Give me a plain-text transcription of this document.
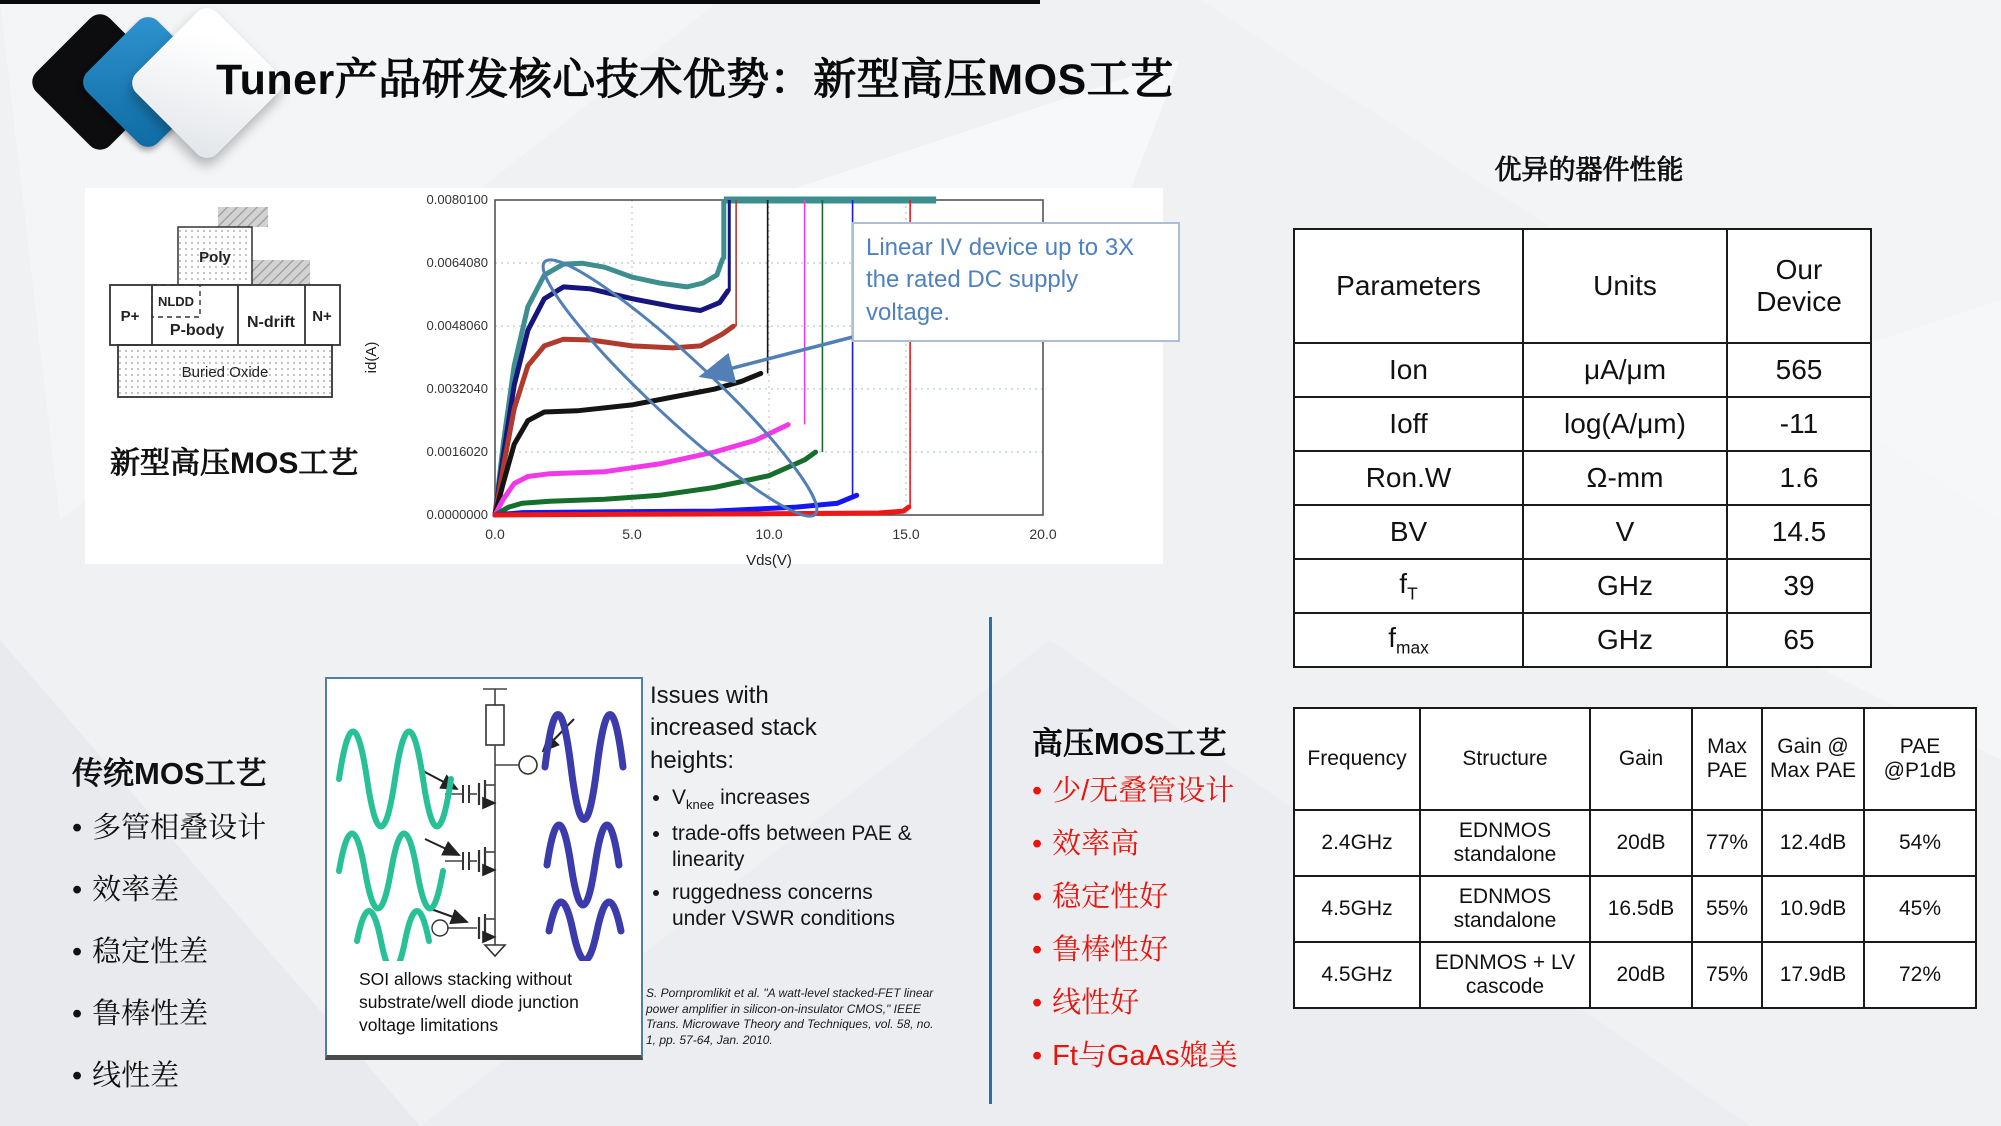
Tuner产品研发核心技术优势：新型高压MOS工艺
Poly
NLDD
P+
P-body N-drift N+
Buried Oxide
新型高压MOS工艺
0.0000000
0.0016020
0.0032040
0.0048060
0.0064080
0.0080100
0.0	5.0	10.0	15.0	20.0
Vds(V)
id(A)
Linear IV device up to 3X the rated DC supply voltage.
优异的器件性能
Parameters	Units	Our Device
Ion	μA/μm	565
Ioff	log(A/μm)	-11
Ron.W	Ω-mm	1.6
BV	V	14.5
$f_T$	GHz	39
$f_{max}$	GHz	65
传统MOS工艺
• 多管相叠设计
• 效率差
• 稳定性差
• 鲁棒性差
• 线性差
SOI allows stacking without substrate/well diode junction voltage limitations
Issues with increased stack heights:
• $V_{knee}$ increases
• trade-offs between PAE & linearity
• ruggedness concerns under VSWR conditions
S. Pornpromlikit et al. "A watt-level stacked-FET linear power amplifier in silicon-on-insulator CMOS," IEEE Trans. Microwave Theory and Techniques, vol. 58, no. 1, pp. 57-64, Jan. 2010.
高压MOS工艺
• 少/无叠管设计
• 效率高
• 稳定性好
• 鲁棒性好
• 线性好
• Ft与GaAs媲美
Frequency	Structure	Gain	Max PAE	Gain @ Max PAE	PAE @P1dB
2.4GHz	EDNMOS standalone	20dB	77%	12.4dB	54%
4.5GHz	EDNMOS standalone	16.5dB	55%	10.9dB	45%
4.5GHz	EDNMOS + LV cascode	20dB	75%	17.9dB	72%
